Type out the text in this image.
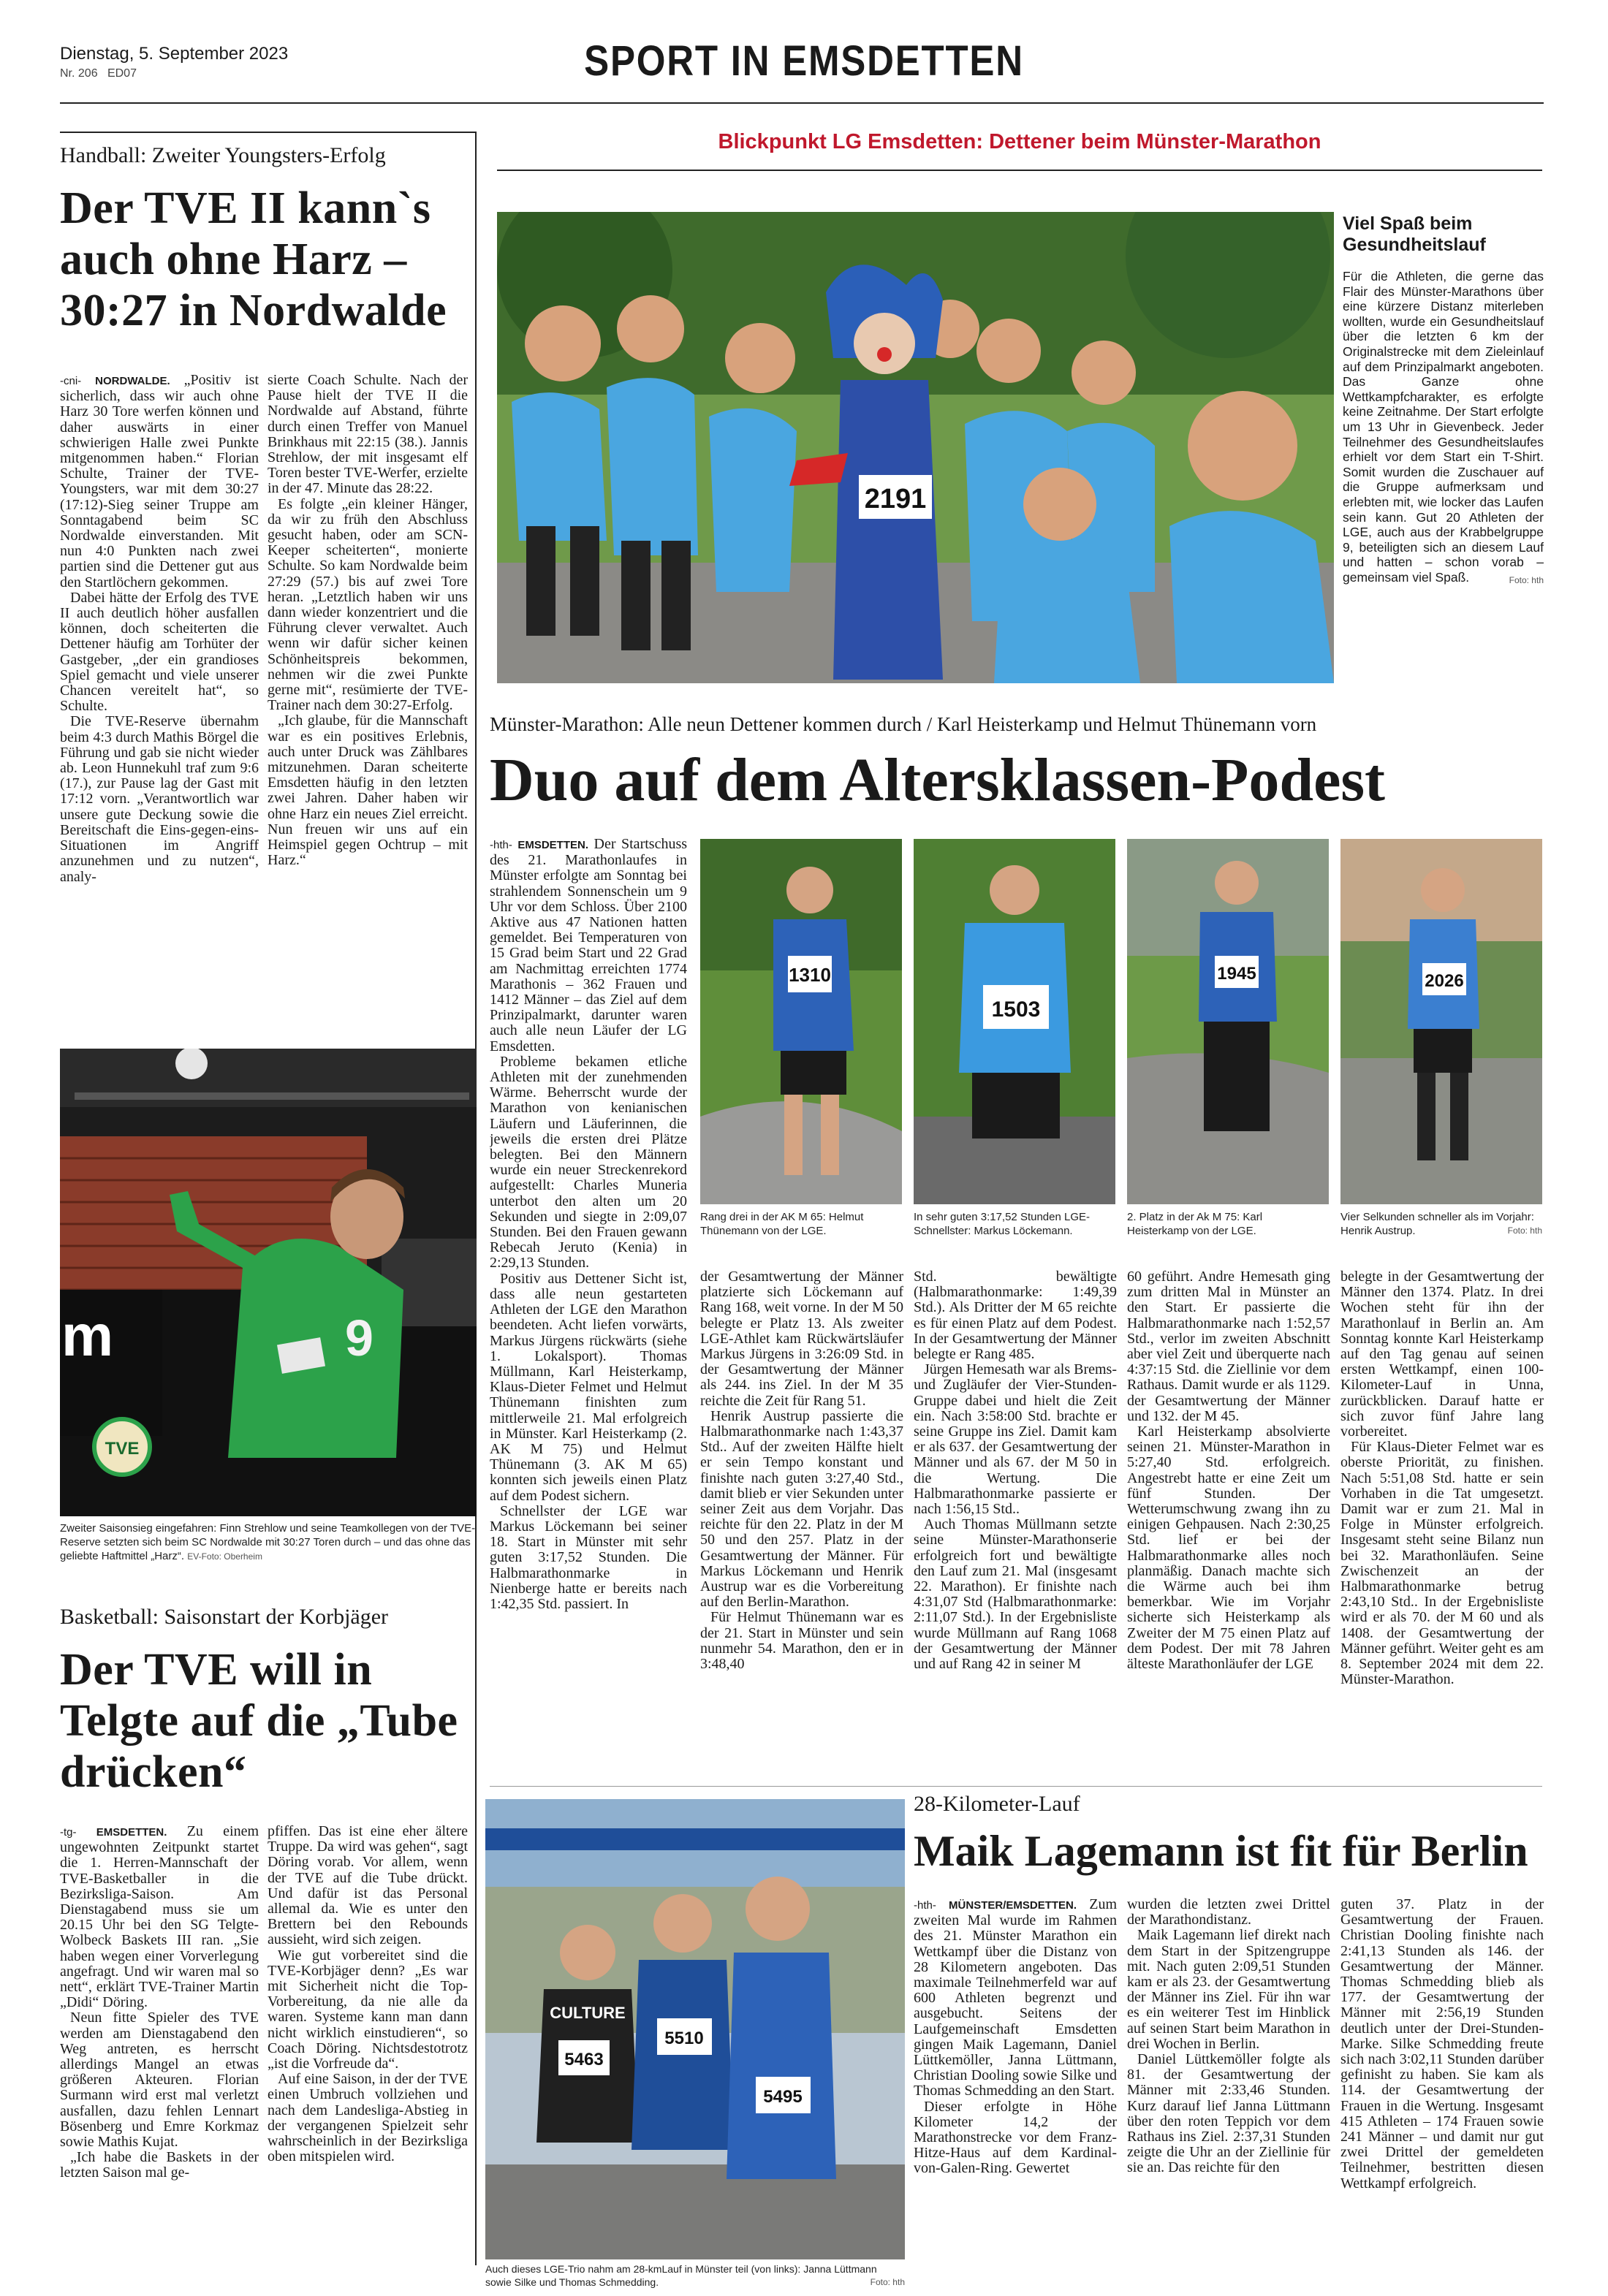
Dienstag, 5. September 2023
Nr. 206 ED07	SPORT IN EMSDETTEN
Handball: Zweiter Youngsters-Erfolg
Der TVE II kann`s auch ohne Harz – 30:27 in Nordwalde

-cni- NORDWALDE. „Positiv ist sicherlich, dass wir auch ohne Harz 30 Tore werfen können und daher auswärts in einer schwierigen Halle zwei Punkte mitgenommen haben.“ Florian Schulte, Trainer der TVE-Youngsters, war mit dem 30:27 (17:12)-Sieg seiner Truppe am Sonntagabend beim SC Nordwalde einverstanden. Mit nun 4:0 Punkten nach zwei partien sind die Dettener gut aus den Startlöchern gekommen.

Dabei hätte der Erfolg des TVE II auch deutlich höher ausfallen können, doch scheiterten die Dettener häufig am Torhüter der Gastgeber, „der ein grandioses Spiel gemacht und viele unserer Chancen vereitelt hat“, so Schulte.

Die TVE-Reserve übernahm beim 4:3 durch Mathis Börgel die Führung und gab sie nicht wieder ab. Leon Hunnekuhl traf zum 9:6 (17.), zur Pause lag der Gast mit 17:12 vorn. „Verantwortlich war unsere gute Deckung sowie die Bereitschaft die Eins-gegen-eins-Situationen im Angriff anzunehmen und zu nutzen“, analy-

sierte Coach Schulte. Nach der Pause hielt der TVE II die Nordwalde auf Abstand, führte durch einen Treffer von Manuel Brinkhaus mit 22:15 (38.). Jannis Strehlow, der mit insgesamt elf Toren bester TVE-Werfer, erzielte in der 47. Minute das 28:22.

Es folgte „ein kleiner Hänger, da wir zu früh den Abschluss gesucht haben, oder am SCN-Keeper scheiterten“, monierte Schulte. So kam Nordwalde beim 27:29 (57.) bis auf zwei Tore heran. „Letztlich haben wir uns dann wieder konzentriert und die Führung clever verwaltet. Auch wenn wir dafür sicher keinen Schönheitspreis bekommen, nehmen wir die zwei Punkte gerne mit“, resümierte der TVE-Trainer nach dem 30:27-Erfolg.

„Ich glaube, für die Mannschaft war es ein positives Erlebnis, auch unter Druck was Zählbares mitzunehmen. Daran scheiterte Emsdetten häufig in den letzten zwei Jahren. Daher haben wir ohne Harz ein neues Ziel erreicht. Nun freuen wir uns auf ein Heimspiel gegen Ochtrup – mit Harz.“

m	9
TVE
Zweiter Saisonsieg eingefahren: Finn Strehlow und seine Teamkollegen von der TVE-Reserve setzten sich beim SC Nordwalde mit 30:27 Toren durch – und das ohne das geliebte Haftmittel „Harz“. EV-Foto: Oberheim
Basketball: Saisonstart der Korbjäger
Der TVE will in Telgte auf die „Tube drücken“

-tg- EMSDETTEN. Zu einem ungewohnten Zeitpunkt startet die 1. Herren-Mannschaft der TVE-Basketballer in die Bezirksliga-Saison. Am Dienstagabend muss sie um 20.15 Uhr bei den SG Telgte-Wolbeck Baskets III ran. „Sie haben wegen einer Vorverlegung angefragt. Und wir waren mal so nett“, erklärt TVE-Trainer Martin „Didi“ Döring.

Neun fitte Spieler des TVE werden am Dienstagabend den Weg antreten, es herrscht allerdings Mangel an etwas größeren Akteuren. Florian Surmann wird erst mal verletzt ausfallen, dazu fehlen Lennart Bösenberg und Emre Korkmaz sowie Mathis Kujat.

„Ich habe die Baskets in der letzten Saison mal ge-

pfiffen. Das ist eine eher ältere Truppe. Da wird was gehen“, sagt Döring vorab. Vor allem, wenn der TVE auf die Tube drückt. Und dafür ist das Personal allemal da. Wie es unter den Brettern bei den Rebounds aussieht, wird sich zeigen.

Wie gut vorbereitet sind die TVE-Korbjäger denn? „Es war mit Sicherheit nicht die Top-Vorbereitung, da nie alle da waren. Systeme kann man dann nicht wirklich einstudieren“, so Coach Döring. Nichtsdestotrotz „ist die Vorfreude da“.

Auf eine Saison, in der der TVE einen Umbruch vollziehen und nach dem Landesliga-Abstieg in der vergangenen Spielzeit sehr wahrscheinlich in der Bezirksliga oben mitspielen wird.

Blickpunkt LG Emsdetten: Dettener beim Münster-Marathon
2191
Viel Spaß beim Gesundheitslauf
Für die Athleten, die gerne das Flair des Münster-Marathons über eine kürzere Distanz miterleben wollten, wurde ein Gesundheitslauf über die letzten 6 km der Originalstrecke mit dem Zieleinlauf auf dem Prinzipalmarkt angeboten. Das Ganze ohne Wettkampfcharakter, es erfolgte keine Zeitnahme. Der Start erfolgte um 13 Uhr in Gievenbeck. Jeder Teilnehmer des Gesundheitslaufes erhielt vor dem Start ein T-Shirt. Somit wurden die Zuschauer auf die Gruppe aufmerksam und erlebten mit, wie locker das Laufen sein kann. Gut 20 Athleten der LGE, auch aus der Krabbelgruppe 9, beteiligten sich an diesem Lauf und hatten – schon vorab – gemeinsam viel Spaß.	Foto: hth
Münster-Marathon: Alle neun Dettener kommen durch / Karl Heisterkamp und Helmut Thünemann vorn
Duo auf dem Altersklassen-Podest

-hth- EMSDETTEN. Der Startschuss des 21. Marathonlaufes in Münster erfolgte am Sonntag bei strahlendem Sonnenschein um 9 Uhr vor dem Schloss. Über 2100 Aktive aus 47 Nationen hatten gemeldet. Bei Temperaturen von 15 Grad beim Start und 22 Grad am Nachmittag erreichten 1774 Marathonis – 362 Frauen und 1412 Männer – das Ziel auf dem Prinzipalmarkt, darunter waren auch alle neun Läufer der LG Emsdetten.

Probleme bekamen etliche Athleten mit der zunehmenden Wärme. Beherrscht wurde der Marathon von kenianischen Läufern und Läuferinnen, die jeweils die ersten drei Plätze belegten. Bei den Männern wurde ein neuer Streckenrekord aufgestellt: Charles Muneria unterbot den alten um 20 Sekunden und siegte in 2:09,07 Stunden. Bei den Frauen gewann Rebecah Jeruto (Kenia) in 2:29,13 Stunden.

Positiv aus Dettener Sicht ist, dass alle neun gestarteten Athleten der LGE den Marathon beendeten. Acht liefen vorwärts, Markus Jürgens rückwärts (siehe 1. Lokalsport). Thomas Müllmann, Karl Heisterkamp, Klaus-Dieter Felmet und Helmut Thünemann finishten zum mittlerweile 21. Mal erfolgreich in Münster. Karl Heisterkamp (2. AK M 75) und Helmut Thünemann (3. AK M 65) konnten sich jeweils einen Platz auf dem Podest sichern.

Schnellster der LGE war Markus Löckemann bei seiner 18. Start in Münster mit sehr guten 3:17,52 Stunden. Die Halbmarathonmarke in Nienberge hatte er bereits nach 1:42,35 Std. passiert. In

1310
1503
1945	2026
Rang drei in der AK M 65: Helmut Thünemann von der LGE.
In sehr guten 3:17,52 Stunden LGE-Schnellster: Markus Löckemann.
2. Platz in der Ak M 75: Karl Heisterkamp von der LGE.
Vier Selkunden schneller als im Vorjahr: Henrik Austrup.	Foto: hth

der Gesamtwertung der Männer platzierte sich Löckemann auf Rang 168, weit vorne. In der M 50 belegte er Platz 13. Als zweiter LGE-Athlet kam Rückwärtsläufer Markus Jürgens in 3:26:09 Std. in der Gesamtwertung der Männer als 244. ins Ziel. In der M 35 reichte die Zeit für Rang 51.

Henrik Austrup passierte die Halbmarathonmarke nach 1:43,37 Std.. Auf der zweiten Hälfte hielt er sein Tempo konstant und finishte nach guten 3:27,40 Std., damit blieb er vier Sekunden unter seiner Zeit aus dem Vorjahr. Das reichte für den 22. Platz in der M 50 und den 257. Platz in der Gesamtwertung der Männer. Für Markus Löckemann und Henrik Austrup war es die Vorbereitung auf den Berlin-Marathon.

Für Helmut Thünemann war es der 21. Start in Münster und sein nunmehr 54. Marathon, den er in 3:48,40

Std. bewältigte (Halbmarathonmarke: 1:49,39 Std.). Als Dritter der M 65 reichte es für einen Platz auf dem Podest. In der Gesamtwertung der Männer belegte er Rang 485.

Jürgen Hemesath war als Brems- und Zugläufer der Vier-Stunden-Gruppe dabei und hielt die Zeit ein. Nach 3:58:00 Std. brachte er seine Gruppe ins Ziel. Damit kam er als 637. der Gesamtwertung der Männer und als 67. der M 50 in die Wertung. Die Halbmarathonmarke passierte er nach 1:56,15 Std..

Auch Thomas Müllmann setzte seine Münster-Marathonserie erfolgreich fort und bewältigte den Lauf zum 21. Mal (insgesamt 22. Marathon). Er finishte nach 4:31,07 Std (Halbmarathonmarke: 2:11,07 Std.). In der Ergebnisliste wurde Müllmann auf Rang 1068 der Gesamtwertung der Männer und auf Rang 42 in seiner M

60 geführt. Andre Hemesath ging zum dritten Mal in Münster an den Start. Er passierte die Halbmarathonmarke nach 1:52,57 Std., verlor im zweiten Abschnitt aber viel Zeit und überquerte nach 4:37:15 Std. die Ziellinie vor dem Rathaus. Damit wurde er als 1129. der Gesamtwertung der Männer und 132. der M 45.

Karl Heisterkamp absolvierte seinen 21. Münster-Marathon in 5:27,40 Std. erfolgreich. Angestrebt hatte er eine Zeit um fünf Stunden. Der Wetterumschwung zwang ihn zu einigen Gehpausen. Nach 2:30,25 Std. lief er bei der Halbmarathonmarke alles noch planmäßig. Danach machte sich die Wärme auch bei ihm bemerkbar. Wie im Vorjahr sicherte sich Heisterkamp als Zweiter der M 75 einen Platz auf dem Podest. Der mit 78 Jahren älteste Marathonläufer der LGE

belegte in der Gesamtwertung der Männer den 1374. Platz. In drei Wochen steht für ihn der Marathonlauf in Berlin an. Am Sonntag konnte Karl Heisterkamp auf den Tag genau auf seinen ersten Wettkampf, einen 100-Kilometer-Lauf in Unna, zurückblicken. Darauf hatte er sich zuvor fünf Jahre lang vorbereitet.

Für Klaus-Dieter Felmet war es oberste Priorität, zu finishen. Nach 5:51,08 Std. hatte er sein Vorhaben in die Tat umgesetzt. Damit war er zum 21. Mal in Folge in Münster erfolgreich. Insgesamt steht seine Bilanz nun bei 32. Marathonläufen. Seine Zwischenzeit an der Halbmarathonmarke betrug 2:43,10 Std.. In der Ergebnisliste wird er als 70. der M 60 und als 1408. der Gesamtwertung der Männer geführt. Weiter geht es am 8. September 2024 mit dem 22. Münster-Marathon.

CULTURE
5463
5510
5495
Auch dieses LGE-Trio nahm am 28-kmLauf in Münster teil (von links): Janna Lüttmann sowie Silke und Thomas Schmedding.	Foto: hth
28-Kilometer-Lauf
Maik Lagemann ist fit für Berlin

-hth- MÜNSTER/EMSDETTEN. Zum zweiten Mal wurde im Rahmen des 21. Münster Marathon ein Wettkampf über die Distanz von 28 Kilometern angeboten. Das maximale Teilnehmerfeld war auf 600 Athleten begrenzt und ausgebucht. Seitens der Laufgemeinschaft Emsdetten gingen Maik Lagemann, Daniel Lüttkemöller, Janna Lüttmann, Christian Dooling sowie Silke und Thomas Schmedding an den Start.

Dieser erfolgte in Höhe Kilometer 14,2 der Marathonstrecke vor dem Franz-Hitze-Haus auf dem Kardinal-von-Galen-Ring. Gewertet

wurden die letzten zwei Drittel der Marathondistanz.

Maik Lagemann lief direkt nach dem Start in der Spitzengruppe mit. Nach guten 2:09,51 Stunden kam er als 23. der Gesamtwertung der Männer ins Ziel. Für ihn war es ein weiterer Test im Hinblick auf seinen Start beim Marathon in drei Wochen in Berlin.

Daniel Lüttkemöller folgte als 81. der Gesamtwertung der Männer mit 2:33,46 Stunden. Kurz darauf lief Janna Lüttmann über den roten Teppich vor dem Rathaus ins Ziel. 2:37,31 Stunden zeigte die Uhr an der Ziellinie für sie an. Das reichte für den

guten 37. Platz in der Gesamtwertung der Frauen. Christian Dooling finishte nach 2:41,13 Stunden als 146. der Gesamtwertung der Männer. Thomas Schmedding blieb als 177. der Gesamtwertung der Männer mit 2:56,19 Stunden deutlich unter der Drei-Stunden-Marke. Silke Schmedding freute sich nach 3:02,11 Stunden darüber gefinisht zu haben. Sie kam als 114. der Gesamtwertung der Frauen in die Wertung. Insgesamt 415 Athleten – 174 Frauen sowie 241 Männer – und damit nur gut zwei Drittel der gemeldeten Teilnehmer, bestritten diesen Wettkampf erfolgreich.
